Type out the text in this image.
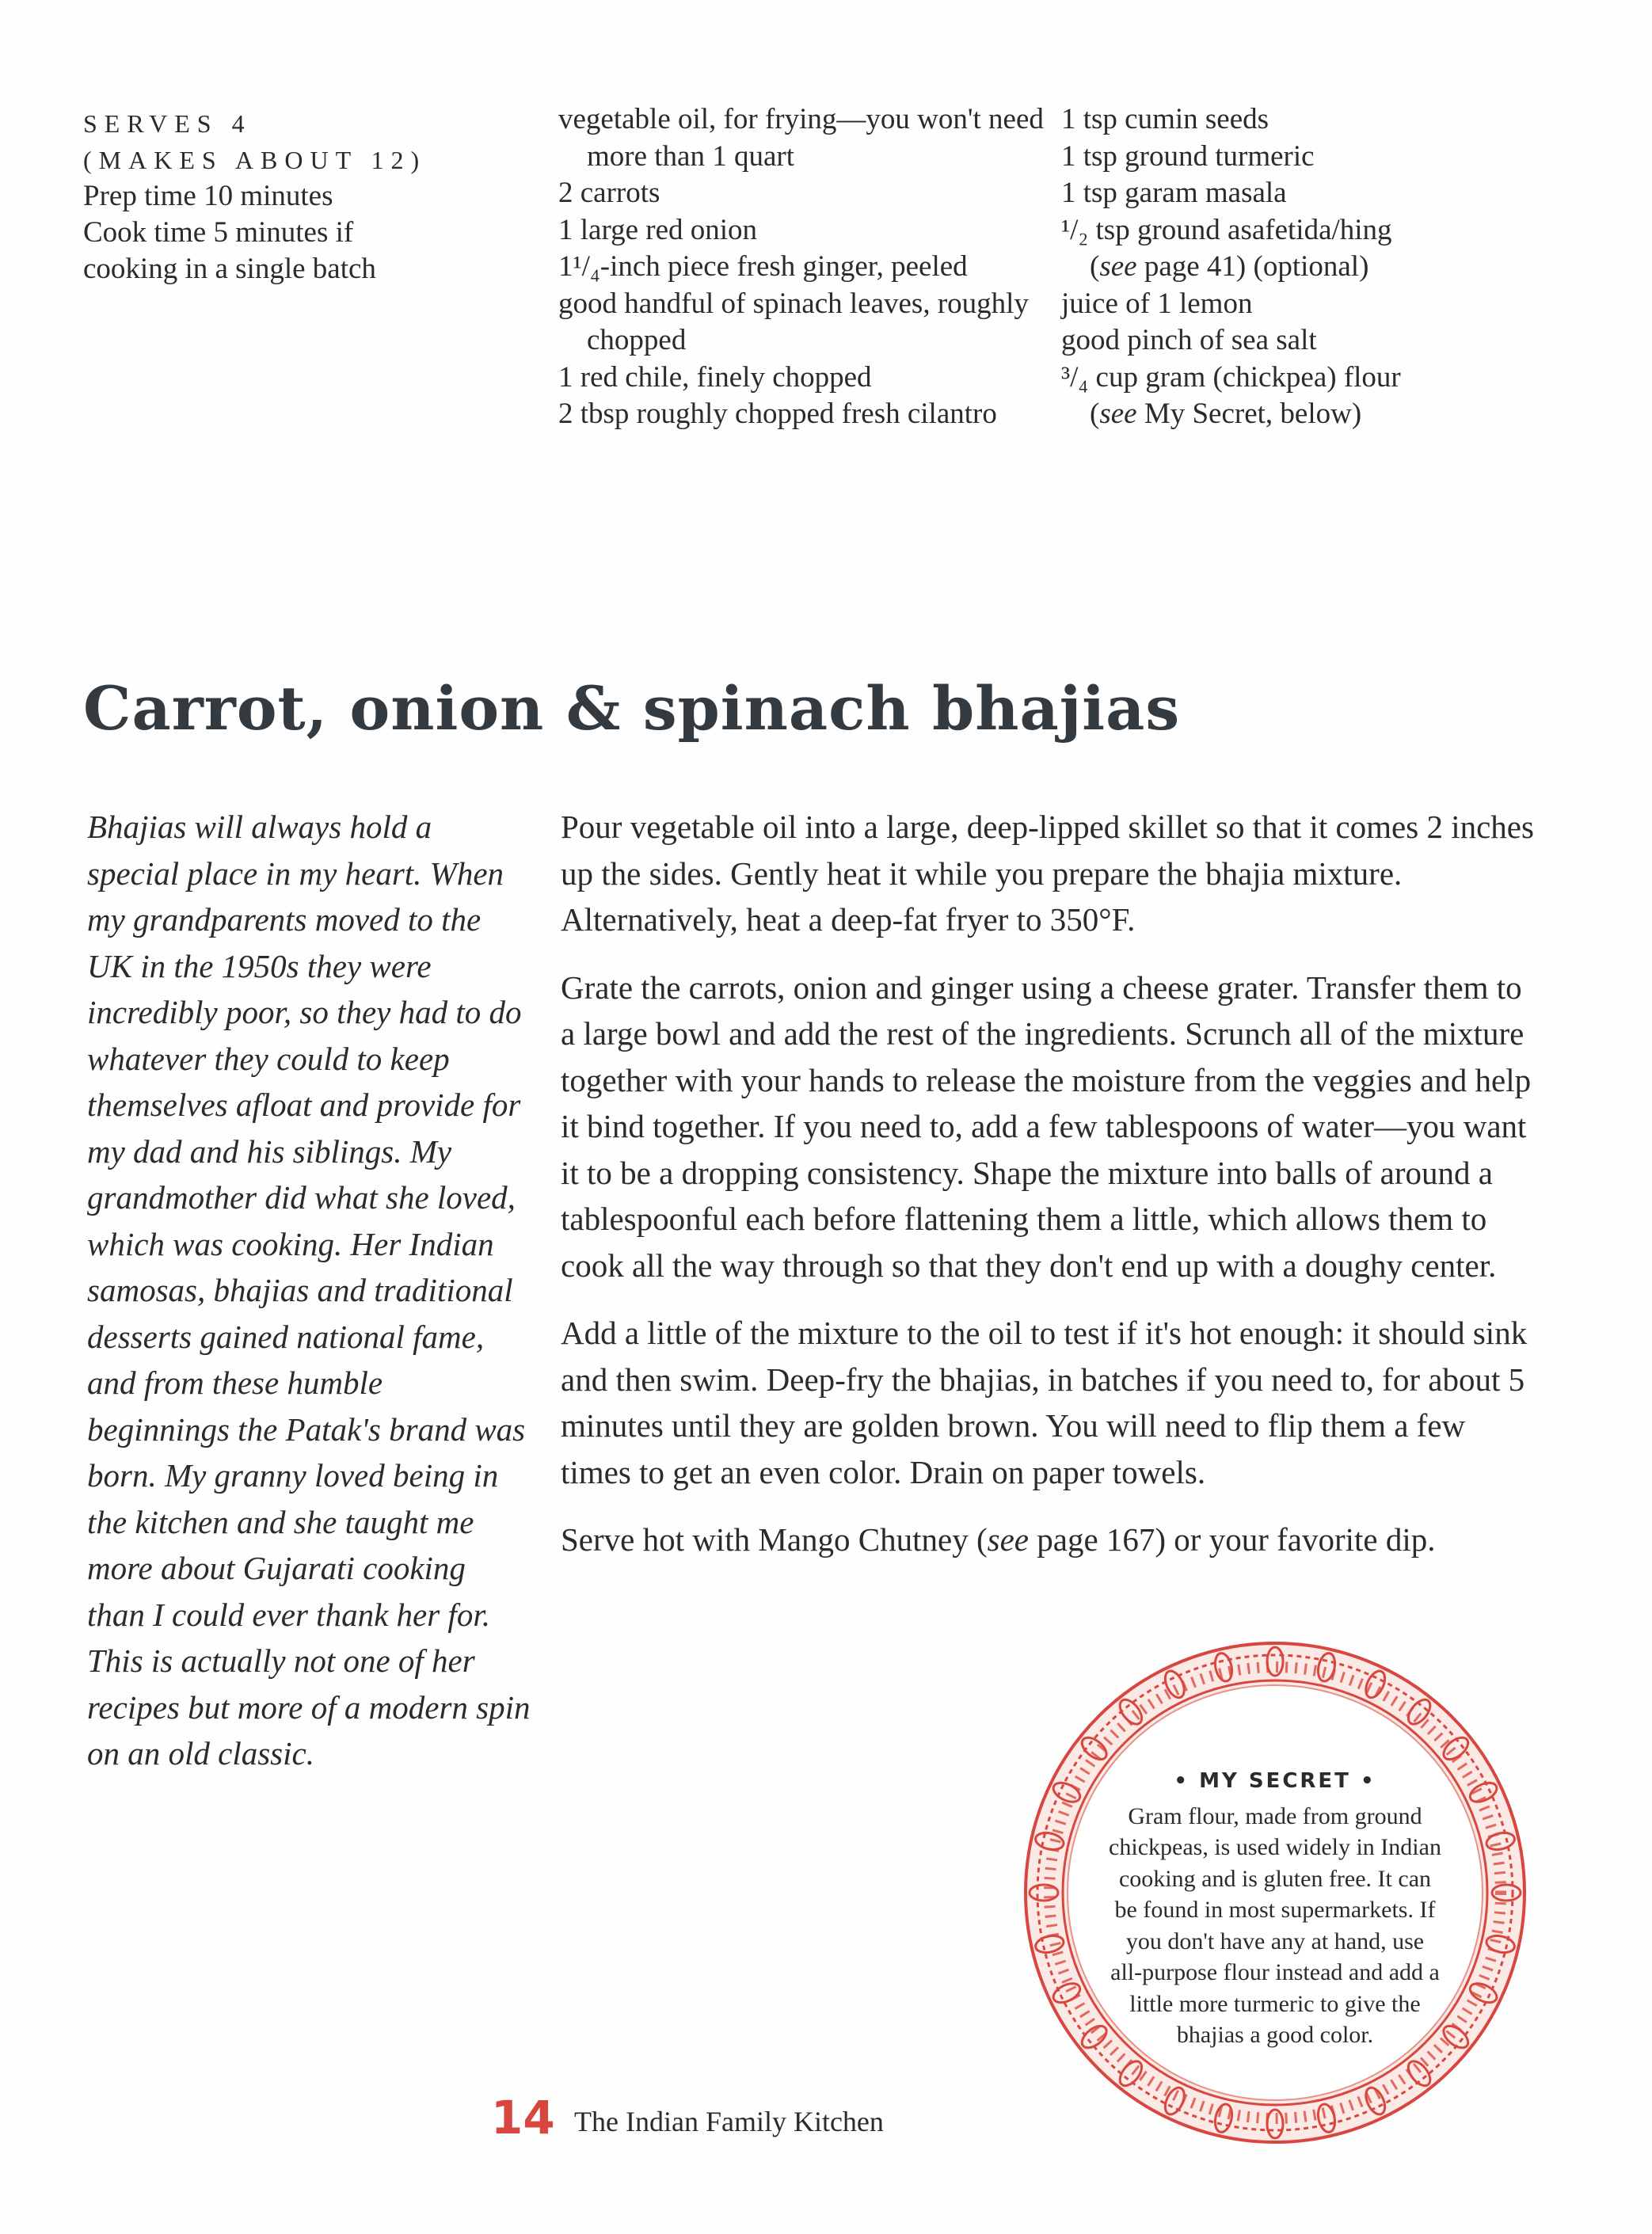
SERVES 4
(MAKES ABOUT 12)
Prep time 10 minutes
Cook time 5 minutes if
cooking in a single batch

vegetable oil, for frying—you won't need more than 1 quart

2 carrots

1 large red onion

1¹/₄-inch piece fresh ginger, peeled

good handful of spinach leaves, roughly chopped

1 red chile, finely chopped

2 tbsp roughly chopped fresh cilantro

1 tsp cumin seeds

1 tsp ground turmeric

1 tsp garam masala

¹/₂ tsp ground asafetida/hing
(see page 41) (optional)

juice of 1 lemon

good pinch of sea salt

³/₄ cup gram (chickpea) flour
(see My Secret, below)

Carrot, onion & spinach bhajias
Bhajias will always hold a special place in my heart. When my grandparents moved to the UK in the 1950s they were incredibly poor, so they had to do whatever they could to keep themselves afloat and provide for my dad and his siblings. My grandmother did what she loved, which was cooking. Her Indian samosas, bhajias and traditional desserts gained national fame, and from these humble beginnings the Patak's brand was born. My granny loved being in the kitchen and she taught me more about Gujarati cooking than I could ever thank her for. This is actually not one of her recipes but more of a modern spin on an old classic.

Pour vegetable oil into a large, deep-lipped skillet so that it comes 2 inches up the sides. Gently heat it while you prepare the bhajia mixture. Alternatively, heat a deep-fat fryer to 350°F.

Grate the carrots, onion and ginger using a cheese grater. Transfer them to a large bowl and add the rest of the ingredients. Scrunch all of the mixture together with your hands to release the moisture from the veggies and help it bind together. If you need to, add a few tablespoons of water—you want it to be a dropping consistency. Shape the mixture into balls of around a tablespoonful each before flattening them a little, which allows them to cook all the way through so that they don't end up with a doughy center.

Add a little of the mixture to the oil to test if it's hot enough: it should sink and then swim. Deep-fry the bhajias, in batches if you need to, for about 5 minutes until they are golden brown. You will need to flip them a few times to get an even color. Drain on paper towels.

Serve hot with Mango Chutney (see page 167) or your favorite dip.

• MY SECRET •
Gram flour, made from ground chickpeas, is used widely in Indian cooking and is gluten free. It can be found in most supermarkets. If you don't have any at hand, use all-purpose flour instead and add a little more turmeric to give the bhajias a good color.
14 The Indian Family Kitchen
